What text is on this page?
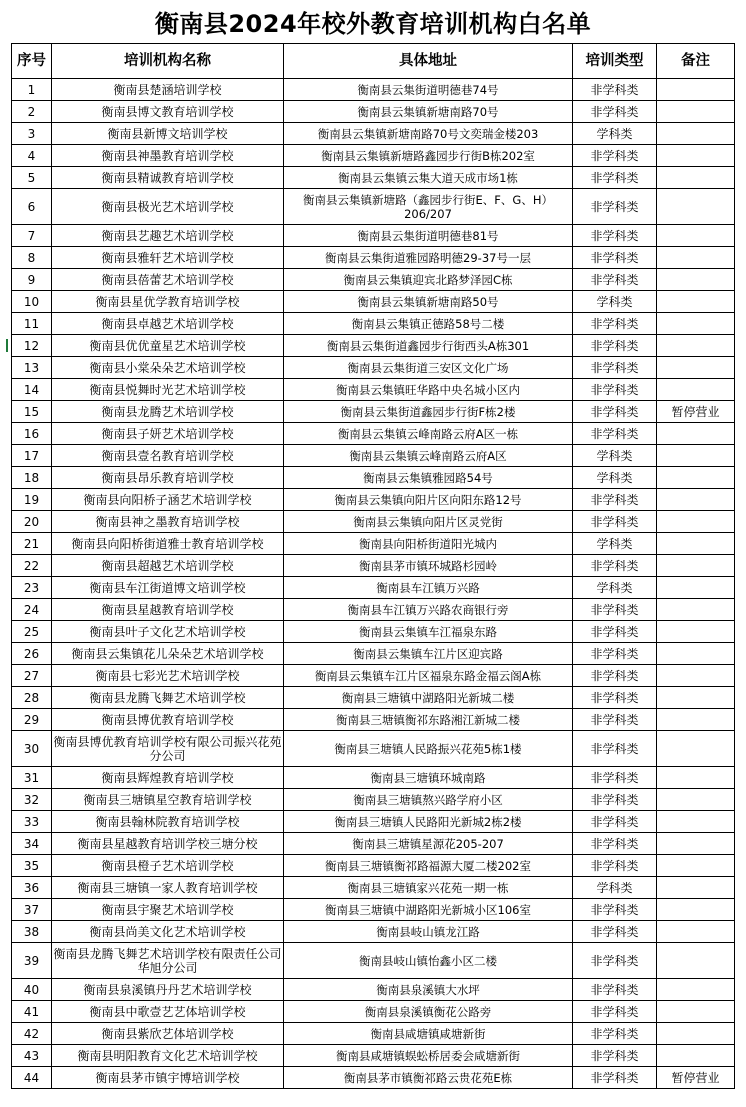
衡南县2024年校外教育培训机构白名单
序号	培训机构名称	具体地址	培训类型	备注
1	衡南县楚涵培训学校	衡南县云集街道明德巷74号	非学科类	
2	衡南县博文教育培训学校	衡南县云集镇新塘南路70号	非学科类	
3	衡南县新博文培训学校	衡南县云集镇新塘南路70号文奕瑞金楼203	学科类	
4	衡南县神墨教育培训学校	衡南县云集镇新塘路鑫园步行街B栋202室	非学科类	
5	衡南县精诚教育培训学校	衡南县云集镇云集大道天成市场1栋	非学科类	
6	衡南县极光艺术培训学校	衡南县云集镇新塘路（鑫园步行街E、F、G、H）206/207	非学科类	
7	衡南县艺趣艺术培训学校	衡南县云集街道明德巷81号	非学科类	
8	衡南县雅轩艺术培训学校	衡南县云集街道雅园路明德29-37号一层	非学科类	
9	衡南县蓓蕾艺术培训学校	衡南县云集镇迎宾北路梦泽园C栋	非学科类	
10	衡南县星优学教育培训学校	衡南县云集镇新塘南路50号	学科类	
11	衡南县卓越艺术培训学校	衡南县云集镇正德路58号二楼	非学科类	
12	衡南县优优童星艺术培训学校	衡南县云集街道鑫园步行街西头A栋301	非学科类	
13	衡南县小棠朵朵艺术培训学校	衡南县云集街道三安区文化广场	非学科类	
14	衡南县悦舞时光艺术培训学校	衡南县云集镇旺华路中央名城小区内	非学科类	
15	衡南县龙腾艺术培训学校	衡南县云集街道鑫园步行街F栋2楼	非学科类	暂停营业
16	衡南县子妍艺术培训学校	衡南县云集镇云峰南路云府A区一栋	非学科类	
17	衡南县壹名教育培训学校	衡南县云集镇云峰南路云府A区	学科类	
18	衡南县昂乐教育培训学校	衡南县云集镇雅园路54号	学科类	
19	衡南县向阳桥子涵艺术培训学校	衡南县云集镇向阳片区向阳东路12号	非学科类	
20	衡南县神之墨教育培训学校	衡南县云集镇向阳片区灵党街	非学科类	
21	衡南县向阳桥街道雅士教育培训学校	衡南县向阳桥街道阳光城内	学科类	
22	衡南县超越艺术培训学校	衡南县茅市镇环城路杉园岭	非学科类	
23	衡南县车江街道博文培训学校	衡南县车江镇万兴路	学科类	
24	衡南县星越教育培训学校	衡南县车江镇万兴路农商银行旁	非学科类	
25	衡南县叶子文化艺术培训学校	衡南县云集镇车江福泉东路	非学科类	
26	衡南县云集镇花儿朵朵艺术培训学校	衡南县云集镇车江片区迎宾路	非学科类	
27	衡南县七彩光艺术培训学校	衡南县云集镇车江片区福泉东路金福云阁A栋	非学科类	
28	衡南县龙腾飞舞艺术培训学校	衡南县三塘镇中湖路阳光新城二楼	非学科类	
29	衡南县博优教育培训学校	衡南县三塘镇衡祁东路湘江新城二楼	非学科类	
30	衡南县博优教育培训学校有限公司振兴花苑分公司	衡南县三塘镇人民路振兴花苑5栋1楼	非学科类	
31	衡南县辉煌教育培训学校	衡南县三塘镇环城南路	非学科类	
32	衡南县三塘镇星空教育培训学校	衡南县三塘镇熬兴路学府小区	非学科类	
33	衡南县翰林院教育培训学校	衡南县三塘镇人民路阳光新城2栋2楼	非学科类	
34	衡南县星越教育培训学校三塘分校	衡南县三塘镇星源花205-207	非学科类	
35	衡南县橙子艺术培训学校	衡南县三塘镇衡祁路福源大厦二楼202室	非学科类	
36	衡南县三塘镇一家人教育培训学校	衡南县三塘镇家兴花苑一期一栋	学科类	
37	衡南县宇聚艺术培训学校	衡南县三塘镇中湖路阳光新城小区106室	非学科类	
38	衡南县尚美文化艺术培训学校	衡南县岐山镇龙江路	非学科类	
39	衡南县龙腾飞舞艺术培训学校有限责任公司华旭分公司	衡南县岐山镇怡鑫小区二楼	非学科类	
40	衡南县泉溪镇丹丹艺术培训学校	衡南县泉溪镇大水坪	非学科类	
41	衡南县中歌壹艺艺体培训学校	衡南县泉溪镇衡花公路旁	非学科类	
42	衡南县紫欣艺体培训学校	衡南县咸塘镇咸塘新街	非学科类	
43	衡南县明阳教育文化艺术培训学校	衡南县咸塘镇蜈蚣桥居委会咸塘新街	非学科类	
44	衡南县茅市镇宇博培训学校	衡南县茅市镇衡祁路云贵花苑E栋	非学科类	暂停营业
